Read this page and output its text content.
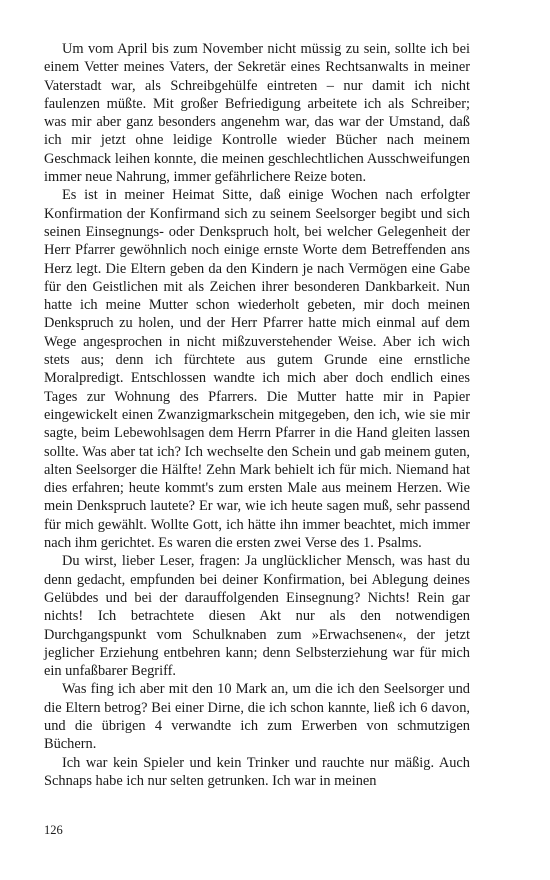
Um vom April bis zum November nicht müssig zu sein, sollte ich bei einem Vetter meines Vaters, der Sekretär eines Rechtsanwalts in meiner Vaterstadt war, als Schreibgehülfe eintreten – nur damit ich nicht faulenzen müßte. Mit großer Befriedigung arbeitete ich als Schreiber; was mir aber ganz besonders angenehm war, das war der Umstand, daß ich mir jetzt ohne leidige Kontrolle wieder Bücher nach meinem Geschmack leihen konnte, die meinen geschlechtlichen Ausschweifungen immer neue Nahrung, immer gefährlichere Reize boten.

Es ist in meiner Heimat Sitte, daß einige Wochen nach erfolgter Konfirmation der Konfirmand sich zu seinem Seelsorger begibt und sich seinen Einsegnungs- oder Denkspruch holt, bei welcher Gelegenheit der Herr Pfarrer gewöhnlich noch einige ernste Worte dem Betreffenden ans Herz legt. Die Eltern geben da den Kindern je nach Vermögen eine Gabe für den Geistlichen mit als Zeichen ihrer besonderen Dankbarkeit. Nun hatte ich meine Mutter schon wiederholt gebeten, mir doch meinen Denkspruch zu holen, und der Herr Pfarrer hatte mich einmal auf dem Wege angesprochen in nicht mißzuverstehender Weise. Aber ich wich stets aus; denn ich fürchtete aus gutem Grunde eine ernstliche Moralpredigt. Entschlossen wandte ich mich aber doch endlich eines Tages zur Wohnung des Pfarrers. Die Mutter hatte mir in Papier eingewickelt einen Zwanzigmarkschein mitgegeben, den ich, wie sie mir sagte, beim Lebewohlsagen dem Herrn Pfarrer in die Hand gleiten lassen sollte. Was aber tat ich? Ich wechselte den Schein und gab meinem guten, alten Seelsorger die Hälfte! Zehn Mark behielt ich für mich. Niemand hat dies erfahren; heute kommt's zum ersten Male aus meinem Herzen. Wie mein Denkspruch lautete? Er war, wie ich heute sagen muß, sehr passend für mich gewählt. Wollte Gott, ich hätte ihn immer beachtet, mich immer nach ihm gerichtet. Es waren die ersten zwei Verse des 1. Psalms.

Du wirst, lieber Leser, fragen: Ja unglücklicher Mensch, was hast du denn gedacht, empfunden bei deiner Konfirmation, bei Ablegung deines Gelübdes und bei der darauffolgenden Einsegnung? Nichts! Rein gar nichts! Ich betrachtete diesen Akt nur als den notwendigen Durchgangspunkt vom Schulknaben zum »Erwachsenen«, der jetzt jeglicher Erziehung entbehren kann; denn Selbsterziehung war für mich ein unfaßbarer Begriff.

Was fing ich aber mit den 10 Mark an, um die ich den Seelsorger und die Eltern betrog? Bei einer Dirne, die ich schon kannte, ließ ich 6 davon, und die übrigen 4 verwandte ich zum Erwerben von schmutzigen Büchern.

Ich war kein Spieler und kein Trinker und rauchte nur mäßig. Auch Schnaps habe ich nur selten getrunken. Ich war in meinen

126
